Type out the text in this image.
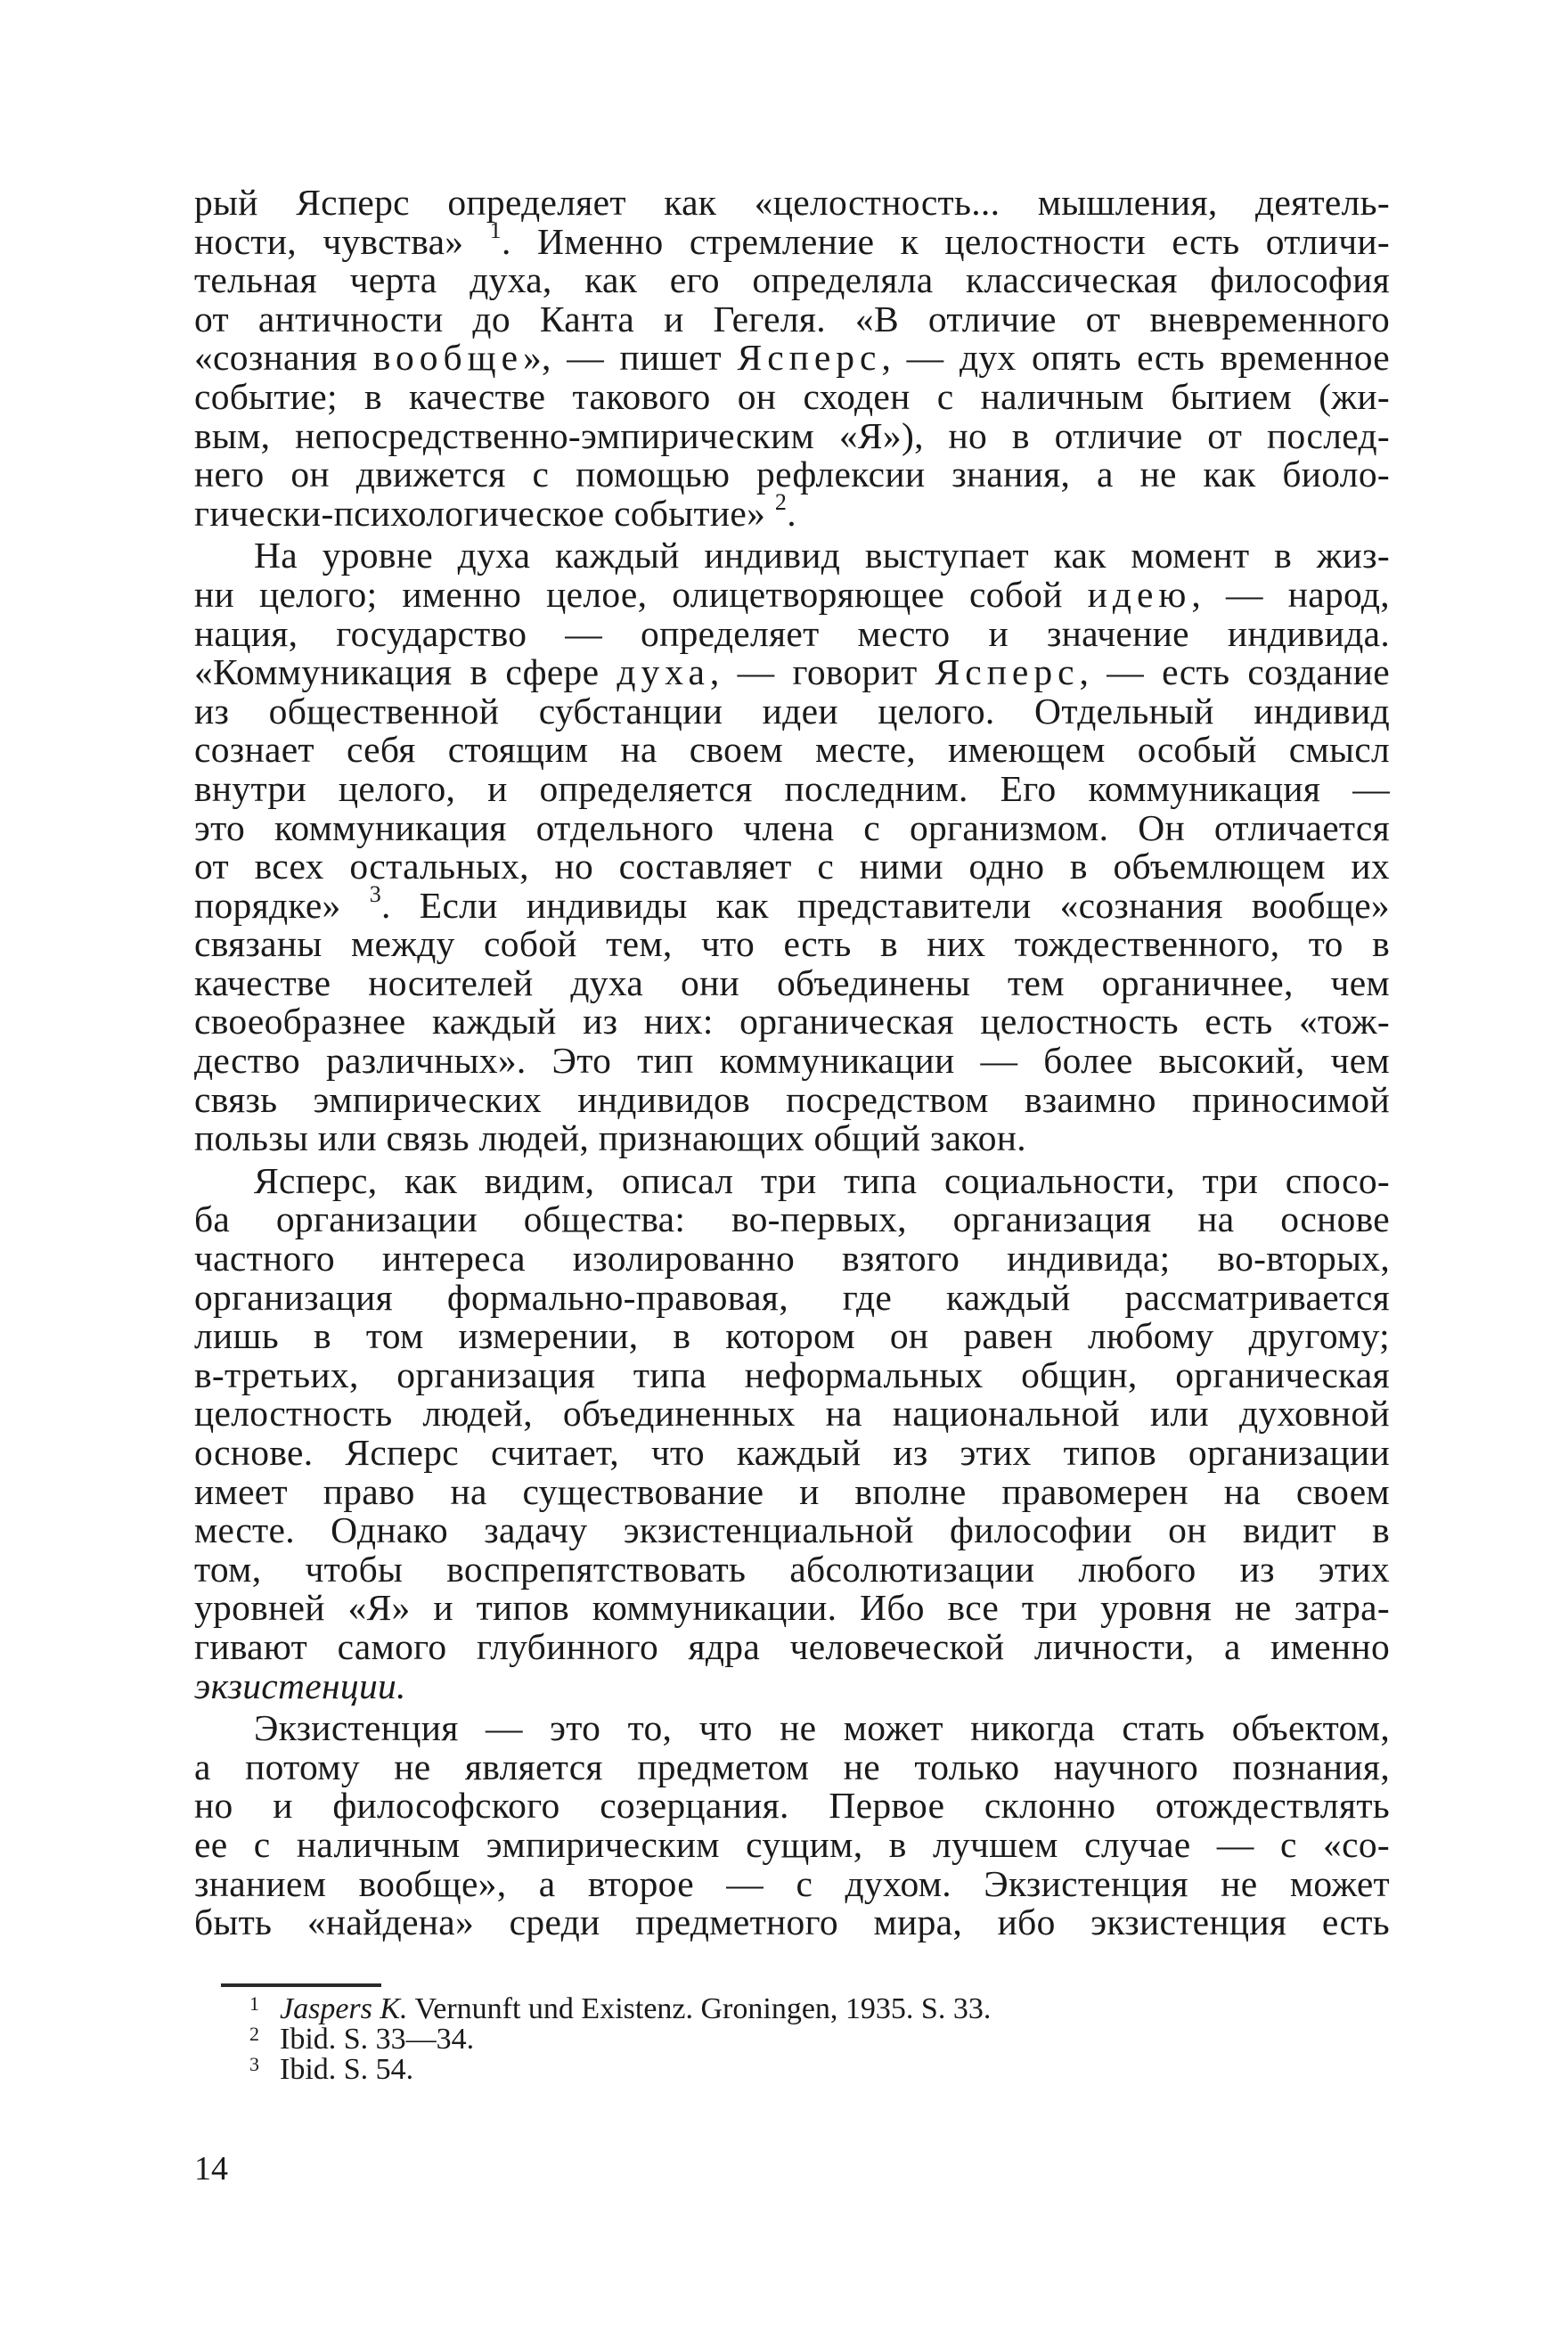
рый Ясперс определяет как «целостность... мышления, деятель-
ности, чувства» $^1$. Именно стремление к целостности есть отличи-
тельная черта духа, как его определяла классическая философия
от античности до Канта и Гегеля. «В отличие от вневременного
«сознания вообще», — пишет Ясперс, — дух опять есть временное
событие; в качестве такового он сходен с наличным бытием (жи-
вым, непосредственно-эмпирическим «Я»), но в отличие от послед-
него он движется с помощью рефлексии знания, а не как биоло-
гически-психологическое событие» $^2$.

На уровне духа каждый индивид выступает как момент в жиз-
ни целого; именно целое, олицетворяющее собой идею, — народ,
нация, государство — определяет место и значение индивида.
«Коммуникация в сфере духа, — говорит Ясперс, — есть создание
из общественной субстанции идеи целого. Отдельный индивид
сознает себя стоящим на своем месте, имеющем особый смысл
внутри целого, и определяется последним. Его коммуникация —
это коммуникация отдельного члена с организмом. Он отличается
от всех остальных, но составляет с ними одно в объемлющем их
порядке» $^3$. Если индивиды как представители «сознания вообще»
связаны между собой тем, что есть в них тождественного, то в
качестве носителей духа они объединены тем органичнее, чем
своеобразнее каждый из них: органическая целостность есть «тож-
дество различных». Это тип коммуникации — более высокий, чем
связь эмпирических индивидов посредством взаимно приносимой
пользы или связь людей, признающих общий закон.

Ясперс, как видим, описал три типа социальности, три спосо-
ба организации общества: во-первых, организация на основе
частного интереса изолированно взятого индивида; во-вторых,
организация формально-правовая, где каждый рассматривается
лишь в том измерении, в котором он равен любому другому;
в-третьих, организация типа неформальных общин, органическая
целостность людей, объединенных на национальной или духовной
основе. Ясперс считает, что каждый из этих типов организации
имеет право на существование и вполне правомерен на своем
месте. Однако задачу экзистенциальной философии он видит в
том, чтобы воспрепятствовать абсолютизации любого из этих
уровней «Я» и типов коммуникации. Ибо все три уровня не затра-
гивают самого глубинного ядра человеческой личности, а именно
экзистенции.

Экзистенция — это то, что не может никогда стать объектом,
а потому не является предметом не только научного познания,
но и философского созерцания. Первое склонно отождествлять
ее с наличным эмпирическим сущим, в лучшем случае — с «со-
знанием вообще», а второе — с духом. Экзистенция не может
быть «найдена» среди предметного мира, ибо экзистенция есть

1 Jaspers K. Vernunft und Existenz. Groningen, 1935. S. 33.
2 Ibid. S. 33—34.
3 Ibid. S. 54.
14
